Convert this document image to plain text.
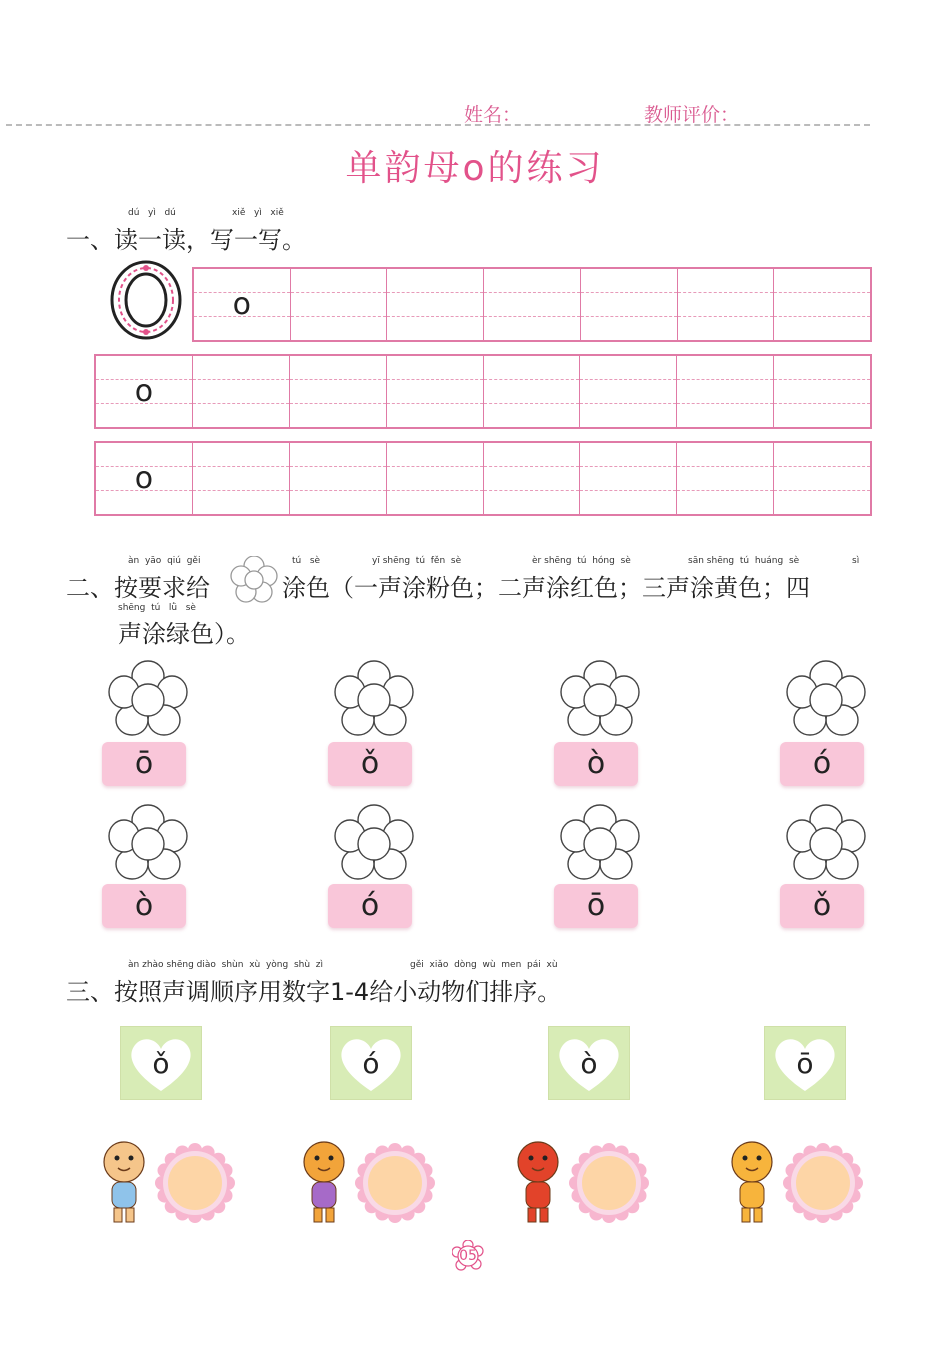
姓名：	教师评价：
单韵母o的练习
dú yì dú	xiě yì xiě
一、读一读，写一写。
o
o
o
àn yāo qiú gěi	tú sè	yī shēng tú fěn sè	èr shēng tú hóng sè	sān shēng tú huáng sè	sì
二、按要求给	涂色（一声涂粉色；二声涂红色；三声涂黄色；四
shēng tú lǜ sè
声涂绿色）。
ō	ǒ	ò	ó
ò	ó	ō	ǒ
àn zhào shēng diào shùn xù yòng shù zì	gěi xiǎo dòng wù men pái xù
三、按照声调顺序用数字1-4给小动物们排序。
ǒ	ó	ò	ō
05
